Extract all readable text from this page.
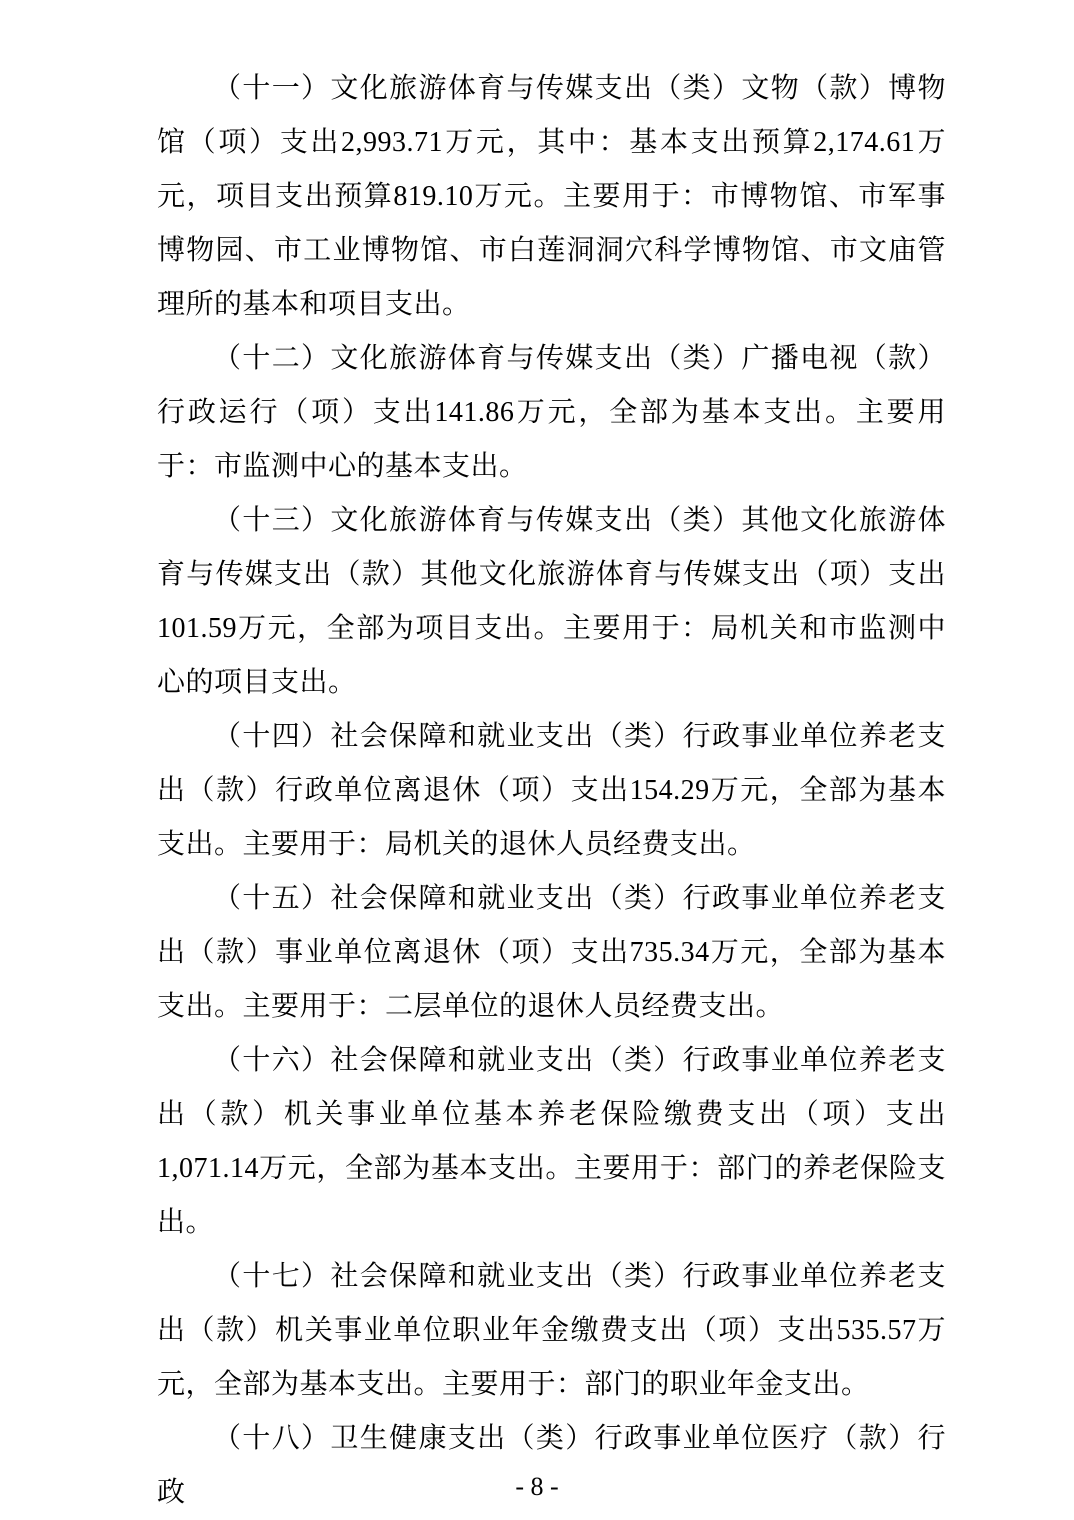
（十一）文化旅游体育与传媒支出（类）文物（款）博物馆（项）支出2,993.71万元，其中：基本支出预算2,174.61万元，项目支出预算819.10万元。主要用于：市博物馆、市军事博物园、市工业博物馆、市白莲洞洞穴科学博物馆、市文庙管理所的基本和项目支出。

（十二）文化旅游体育与传媒支出（类）广播电视（款）行政运行（项）支出141.86万元，全部为基本支出。主要用于：市监测中心的基本支出。

（十三）文化旅游体育与传媒支出（类）其他文化旅游体育与传媒支出（款）其他文化旅游体育与传媒支出（项）支出101.59万元，全部为项目支出。主要用于：局机关和市监测中心的项目支出。

（十四）社会保障和就业支出（类）行政事业单位养老支出（款）行政单位离退休（项）支出154.29万元，全部为基本支出。主要用于：局机关的退休人员经费支出。

（十五）社会保障和就业支出（类）行政事业单位养老支出（款）事业单位离退休（项）支出735.34万元，全部为基本支出。主要用于：二层单位的退休人员经费支出。

（十六）社会保障和就业支出（类）行政事业单位养老支出（款）机关事业单位基本养老保险缴费支出（项）支出1,071.14万元，全部为基本支出。主要用于：部门的养老保险支出。

（十七）社会保障和就业支出（类）行政事业单位养老支出（款）机关事业单位职业年金缴费支出（项）支出535.57万元，全部为基本支出。主要用于：部门的职业年金支出。

（十八）卫生健康支出（类）行政事业单位医疗（款）行政	- 8 -
